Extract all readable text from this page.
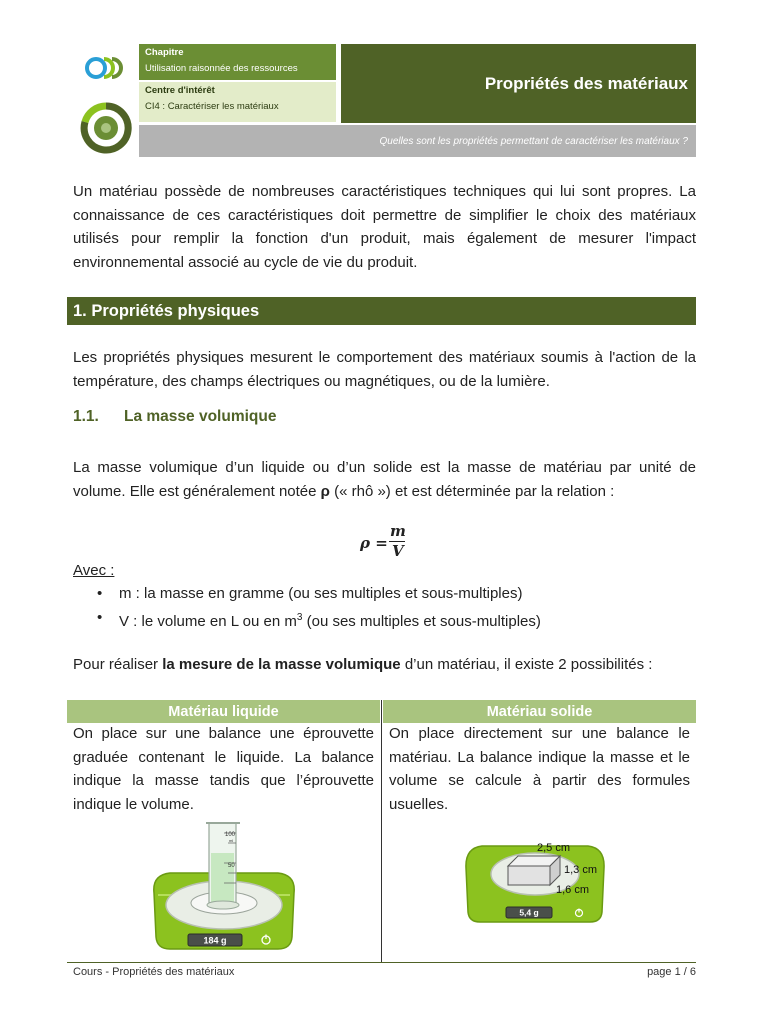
Chapitre

Utilisation raisonnée des ressources

Centre d'intérêt

CI4 : Caractériser les matériaux

Propriétés des matériaux
Quelles sont les propriétés permettant de caractériser les matériaux ?
Un matériau possède de nombreuses caractéristiques techniques qui lui sont propres. La connaissance de ces caractéristiques doit permettre de simplifier le choix des matériaux utilisés pour remplir la fonction d'un produit, mais également de mesurer l'impact environnemental associé au cycle de vie du produit.
1. Propriétés physiques
Les propriétés physiques mesurent le comportement des matériaux soumis à l'action de la température, des champs électriques ou magnétiques, ou de la lumière.
1.1. La masse volumique
La masse volumique d’un liquide ou d’un solide est la masse de matériau par unité de volume. Elle est généralement notée ρ (« rhô ») et est déterminée par la relation :
ρ =
m
V
Avec :
• m : la masse en gramme (ou ses multiples et sous-multiples)
• V : le volume en L ou en $m^3$ (ou ses multiples et sous-multiples)
Pour réaliser la mesure de la masse volumique d’un matériau, il existe 2 possibilités :
Matériau liquide	Matériau solide
On place sur une balance une éprouvette graduée contenant le liquide. La balance indique la masse tandis que l’éprouvette indique le volume.
On place directement sur une balance le matériau. La balance indique la masse et le volume se calcule à partir des formules usuelles.
100
ml
50
184 g
5,4 g
2,5 cm
1,3 cm
1,6 cm
Cours - Propriétés des matériaux	page 1 / 6
